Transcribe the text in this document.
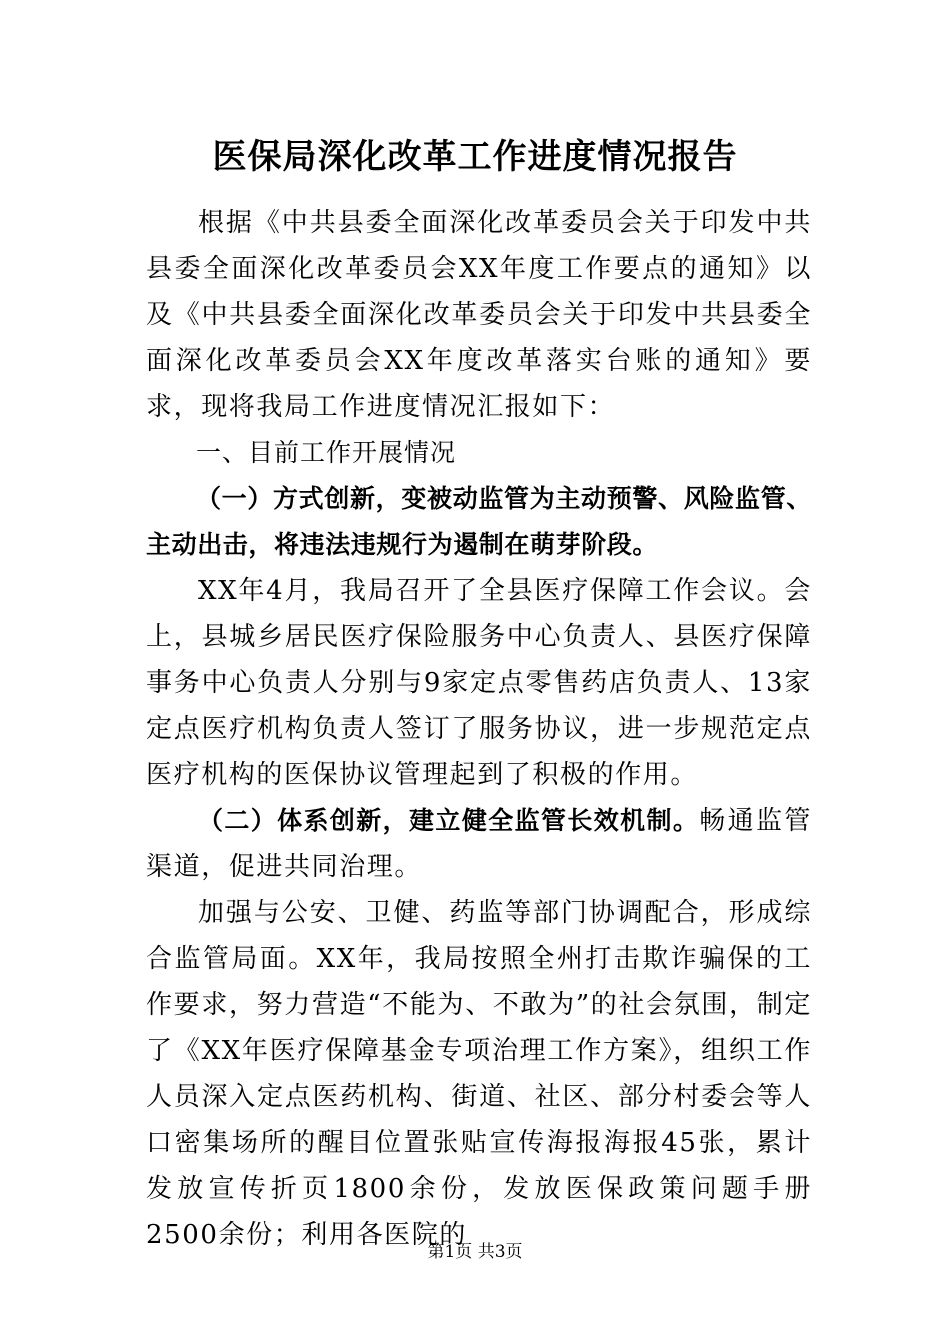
医保局深化改革工作进度情况报告

根据《中共县委全面深化改革委员会关于印发中共县委全面深化改革委员会XX年度工作要点的通知》以及《中共县委全面深化改革委员会关于印发中共县委全面深化改革委员会XX年度改革落实台账的通知》要求，现将我局工作进度情况汇报如下：

一、目前工作开展情况

（一）方式创新，变被动监管为主动预警、风险监管、主动出击，将违法违规行为遏制在萌芽阶段。

XX年4月，我局召开了全县医疗保障工作会议。会上，县城乡居民医疗保险服务中心负责人、县医疗保障事务中心负责人分别与9家定点零售药店负责人、13家定点医疗机构负责人签订了服务协议，进一步规范定点医疗机构的医保协议管理起到了积极的作用。

（二）体系创新，建立健全监管长效机制。畅通监管渠道，促进共同治理。

加强与公安、卫健、药监等部门协调配合，形成综合监管局面。XX年，我局按照全州打击欺诈骗保的工作要求，努力营造“不能为、不敢为”的社会氛围，制定了《XX年医疗保障基金专项治理工作方案》，组织工作人员深入定点医药机构、街道、社区、部分村委会等人口密集场所的醒目位置张贴宣传海报海报45张，累计发放宣传折页1800余份，发放医保政策问题手册2500余份；利用各医院的

第1页 共3页
